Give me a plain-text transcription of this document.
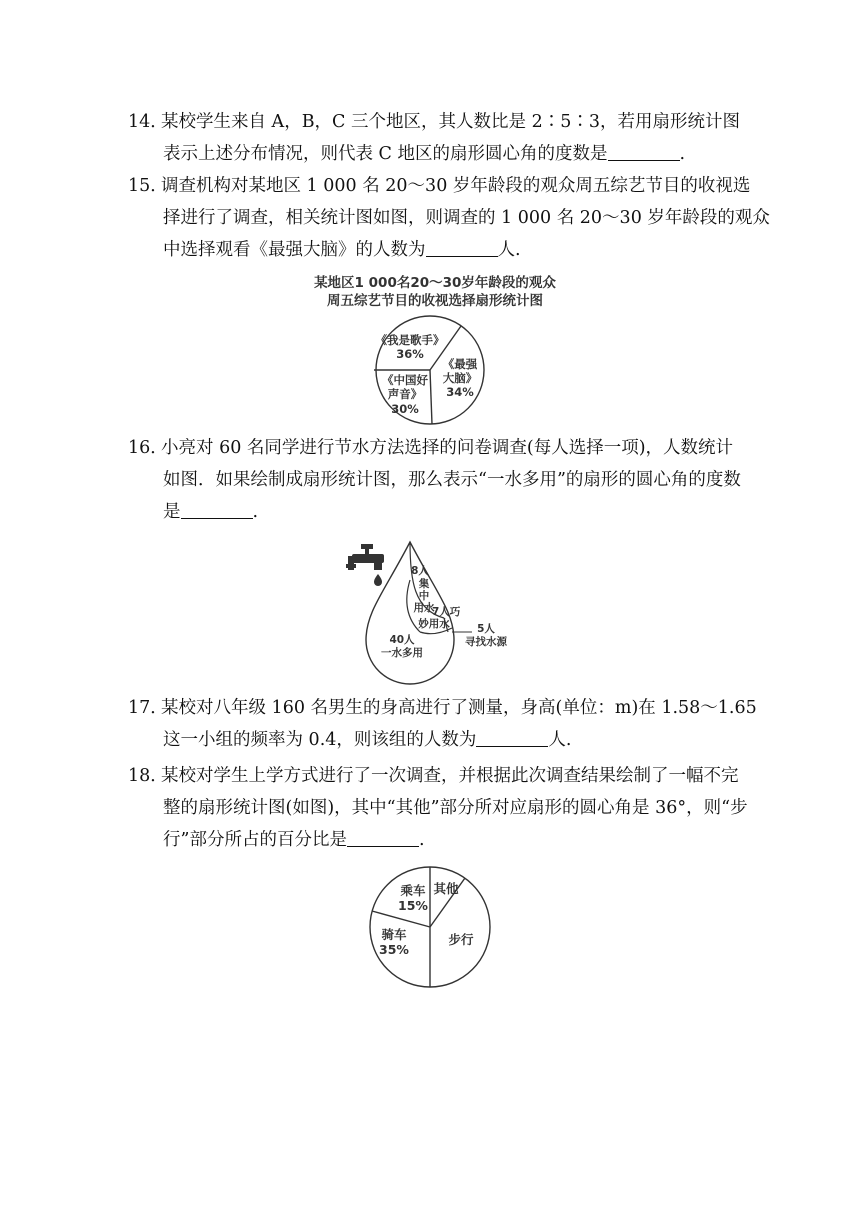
14．某校学生来自 A，B，C 三个地区，其人数比是 2∶5∶3，若用扇形统计图
表示上述分布情况，则代表 C 地区的扇形圆心角的度数是	.
15．调查机构对某地区 1 000 名 20～30 岁年龄段的观众周五综艺节目的收视选
择进行了调查，相关统计图如图，则调查的 1 000 名 20～30 岁年龄段的观众
中选择观看《最强大脑》的人数为	人.
某地区1 000名20～30岁年龄段的观众
周五综艺节目的收视选择扇形统计图
《我是歌手》
36%
《最强
大脑》
34%
《中国好
声音》
30%
16．小亮对 60 名同学进行节水方法选择的问卷调查(每人选择一项)，人数统计
如图．如果绘制成扇形统计图，那么表示“一水多用”的扇形的圆心角的度数
是	.
8人
集
中
用水
7人巧
妙用水	5人
寻找水源
40人
一水多用
17．某校对八年级 160 名男生的身高进行了测量，身高(单位：m)在 1.58～1.65
这一小组的频率为 0.4，则该组的人数为	人.
18．某校对学生上学方式进行了一次调查，并根据此次调查结果绘制了一幅不完
整的扇形统计图(如图)，其中“其他”部分所对应扇形的圆心角是 36°，则“步
行”部分所占的百分比是	.
乘车
15%
其他
步行
骑车
35%
